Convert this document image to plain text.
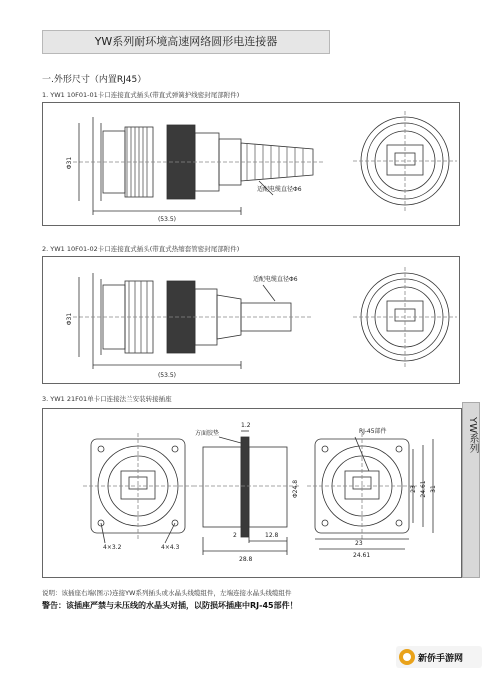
YW系列耐环境高速网络圆形电连接器
一.外形尺寸（内置RJ45）
1. YW1 10F01-01卡口连接直式插头(带直式弹簧护线密封尾部附件)
Φ31
(53.5)
适配电缆直径Φ6
2. YW1 10F01-02卡口连接直式插头(带直式热缩套管密封尾部附件)
Φ31
(53.5)
适配电缆直径Φ6
3. YW1 21F01单卡口连接法兰安装转接插座
4×3.2	4×4.3
方面胶垫
1.2
Φ24.8
2	12.8
28.8
RJ-45部件
23
24.61
23 24.61 31
YW系列
说明：该插座右端(图示)连接YW系列插头或水晶头线缆组件，左端连接水晶头线缆组件
警告：该插座严禁与未压线的水晶头对插，以防损坏插座中RJ-45部件！
新侨手游网
